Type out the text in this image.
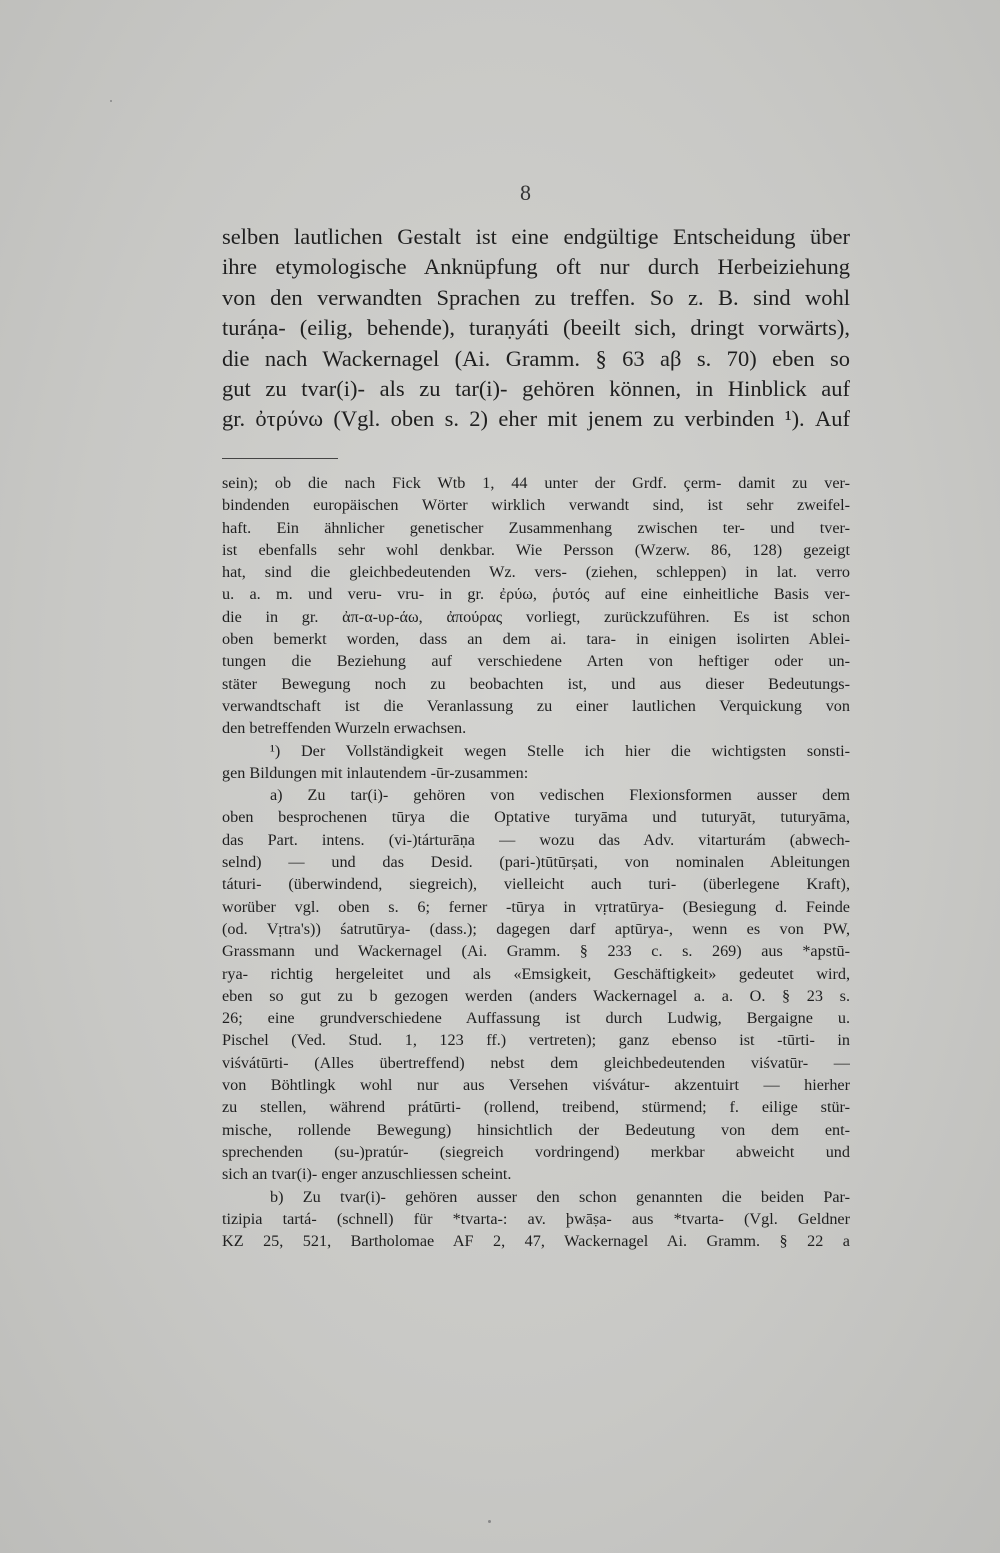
8
selben lautlichen Gestalt ist eine endgültige Entscheidung über
ihre etymologische Anknüpfung oft nur durch Herbeiziehung
von den verwandten Sprachen zu treffen. So z. B. sind wohl
turáṇa- (eilig, behende), turaṇyáti (beeilt sich, dringt vorwärts),
die nach Wackernagel (Ai. Gramm. § 63 aβ s. 70) eben so
gut zu tvar(i)- als zu tar(i)- gehören können, in Hinblick auf
gr. ὀτρύνω (Vgl. oben s. 2) eher mit jenem zu verbinden ¹). Auf
sein); ob die nach Fick Wtb 1, 44 unter der Grdf. çerm- damit zu ver-
bindenden europäischen Wörter wirklich verwandt sind, ist sehr zweifel-
haft. Ein ähnlicher genetischer Zusammenhang zwischen ter- und tver-
ist ebenfalls sehr wohl denkbar. Wie Persson (Wzerw. 86, 128) gezeigt
hat, sind die gleichbedeutenden Wz. vers- (ziehen, schleppen) in lat. verro
u. a. m. und veru- vru- in gr. ἐρύω, ῥυτός auf eine einheitliche Basis ver-
die in gr. ἀπ-α-υρ-άω, ἀπούρας vorliegt, zurückzuführen. Es ist schon
oben bemerkt worden, dass an dem ai. tara- in einigen isolirten Ablei-
tungen die Beziehung auf verschiedene Arten von heftiger oder un-
stäter Bewegung noch zu beobachten ist, und aus dieser Bedeutungs-
verwandtschaft ist die Veranlassung zu einer lautlichen Verquickung von
den betreffenden Wurzeln erwachsen.
¹) Der Vollständigkeit wegen Stelle ich hier die wichtigsten sonsti-
gen Bildungen mit inlautendem -ūr-zusammen:
a) Zu tar(i)- gehören von vedischen Flexionsformen ausser dem
oben besprochenen tūrya die Optative turyāma und tuturyāt, tuturyāma,
das Part. intens. (vi-)tárturāṇa — wozu das Adv. vitarturám (abwech-
selnd) — und das Desid. (pari-)tūtūrṣati, von nominalen Ableitungen
táturi- (überwindend, siegreich), vielleicht auch turi- (überlegene Kraft),
worüber vgl. oben s. 6; ferner -tūrya in vṛtratūrya- (Besiegung d. Feinde
(od. Vṛtra's)) śatrutūrya- (dass.); dagegen darf aptūrya-, wenn es von PW,
Grassmann und Wackernagel (Ai. Gramm. § 233 c. s. 269) aus *apstū-
rya- richtig hergeleitet und als «Emsigkeit, Geschäftigkeit» gedeutet wird,
eben so gut zu b gezogen werden (anders Wackernagel a. a. O. § 23 s.
26; eine grundverschiedene Auffassung ist durch Ludwig, Bergaigne u.
Pischel (Ved. Stud. 1, 123 ff.) vertreten); ganz ebenso ist -tūrti- in
viśvátūrti- (Alles übertreffend) nebst dem gleichbedeutenden viśvatūr- —
von Böhtlingk wohl nur aus Versehen viśvátur- akzentuirt — hierher
zu stellen, während prátūrti- (rollend, treibend, stürmend; f. eilige stür-
mische, rollende Bewegung) hinsichtlich der Bedeutung von dem ent-
sprechenden (su-)pratúr- (siegreich vordringend) merkbar abweicht und
sich an tvar(i)- enger anzuschliessen scheint.
b) Zu tvar(i)- gehören ausser den schon genannten die beiden Par-
tizipia tartá- (schnell) für *tvarta-: av. þwāṣa- aus *tvarta- (Vgl. Geldner
KZ 25, 521, Bartholomae AF 2, 47, Wackernagel Ai. Gramm. § 22 a
